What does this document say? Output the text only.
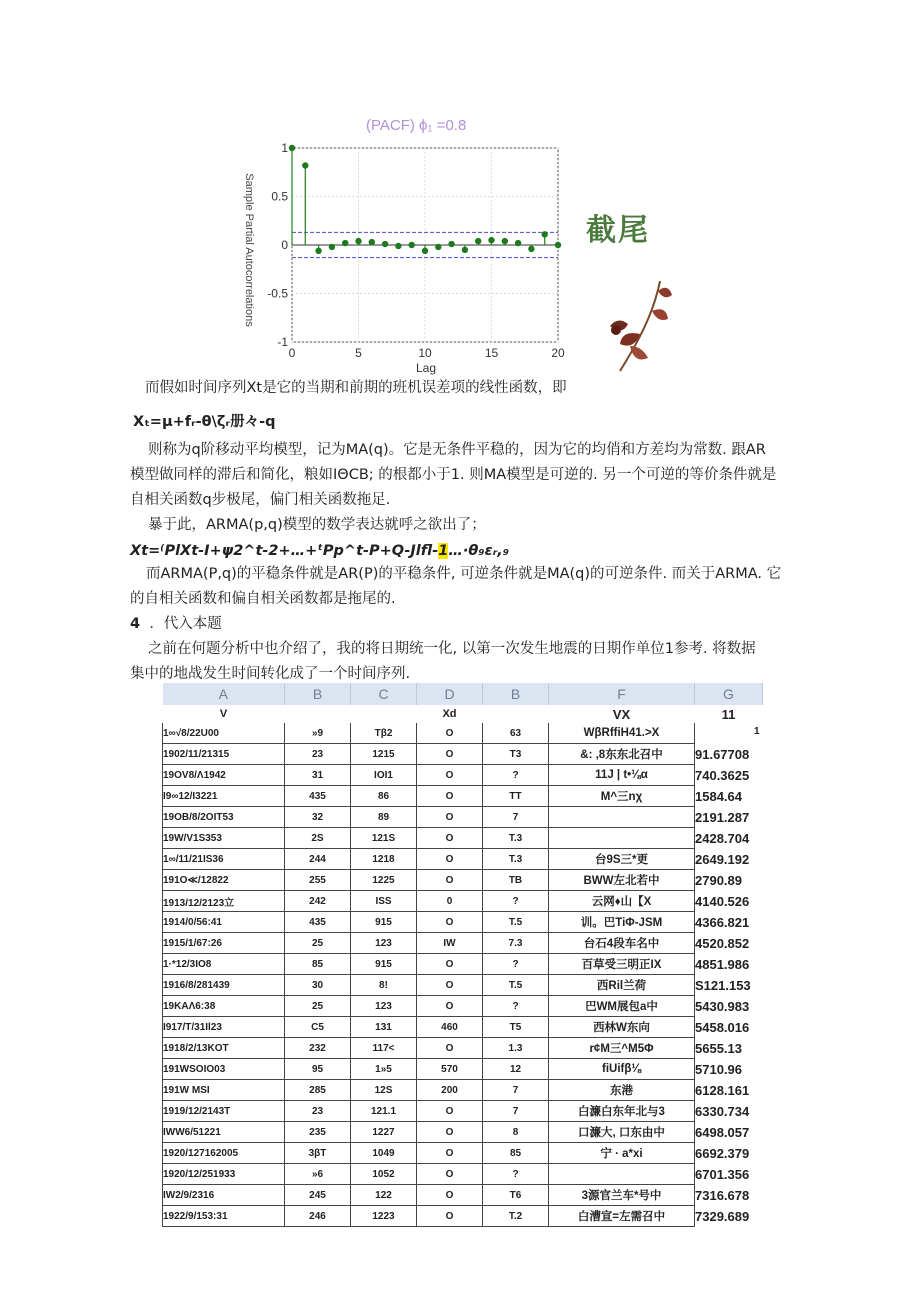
(PACF) ϕ₁ =0.8
0	5	10	15	20
1
0.5
0
-0.5
-1
Lag
Sample Partial Autocorrelations	截尾
而假如时间序列Xt是它的当期和前期的班机误差项的线性函数，即
Xₜ=μ+fᵣ-θ\ζᵣ册々-q
则称为q阶移动平均模型，记为MA(q)。它是无条件平稳的，因为它的均俏和方差均为常数. 跟AR
模型做同样的滞后和简化，粮如IΘCB; 的根都小于1. 则MA模型是可逆的. 另一个可逆的等价条件就是
自相关函数q步极尾，偏门相关函数拖足.
暴于此，ARMA(p,q)模型的数学表达就呼之欲出了；
Xt=⁽PlXt-I+ψ2^t-2+…+ᵗPp^t-P+Q-Jlfl-1…·θ₉εᵣ,₉
而ARMA(P,q)的平稳条件就是AR(P)的平稳条件, 可逆条件就是MA(q)的可逆条件. 而关于ARMA. 它
的自相关函数和偏自相关函数都是拖尾的.
4 ．代入本题
之前在何题分析中也介绍了，我的将日期统一化, 以第一次发生地震的日期作单位1参考. 将数据
集中的地战发生时间转化成了一个时间序列.
A	B	C	D	B	F	G
V			Xd		VX	11
1∞√8/22U00	»9	Tβ2	O	63	WβRffiH41.>X	
1902/11/21315	23	1215	O	T3	&: ,8东东北召中	91.67708
19OV8/Λ1942	31	IOI1	O	?	11J | t•⅛α	740.3625
I9∞12/I3221	435	86	O	TT	M^三nχ	1584.64
19OB/8/2OIT53	32	89	O	7		2191.287
19W/V1S353	2S	121S	O	T.3		2428.704
1∞/11/21IS36	244	1218	O	T.3	台9S三*更	2649.192
191O≪/12822	255	1225	O	TB	BWW左北若中	2790.89
1913/12/2123立	242	ISS	0	?	云网♦山【X	4140.526
1914/0/56:41	435	915	O	T.5	训。巴TiΦ-JSM	4366.821
1915/1/67:26	25	123	IW	7.3	台石4段车名中	4520.852
1·*12/3IO8	85	915	O	?	百草受三明正IX	4851.986
1916/8/281439	30	8!	O	T.5	西Ril兰荷	S121.153
19KAΛ6:38	25	123	O	?	巴WM展包a中	5430.983
I917/T/31Il23	C5	131	460	T5	西林W东向	5458.016
1918/2/13KOT	232	117<	O	1.3	r¢M三^M5Φ	5655.13
191WSOIO03	95	1»5	570	12	fiUifβ⅛	5710.96
191W MSI	285	12S	200	7	东港	6128.161
1919/12/2143T	23	121.1	O	7	白濂白东年北与3	6330.734
IWW6/51221	235	1227	O	8	口濂大, 口东由中	6498.057
1920/127162005	3βT	1049	O	85	宁 · a*xi	6692.379
1920/12/251933	»6	1052	O	?		6701.356
IW2/9/2316	245	122	O	T6	3源官兰车*号中	7316.678
1922/9/153:31	246	1223	O	T.2	白漕宣=左需召中	7329.689
1
